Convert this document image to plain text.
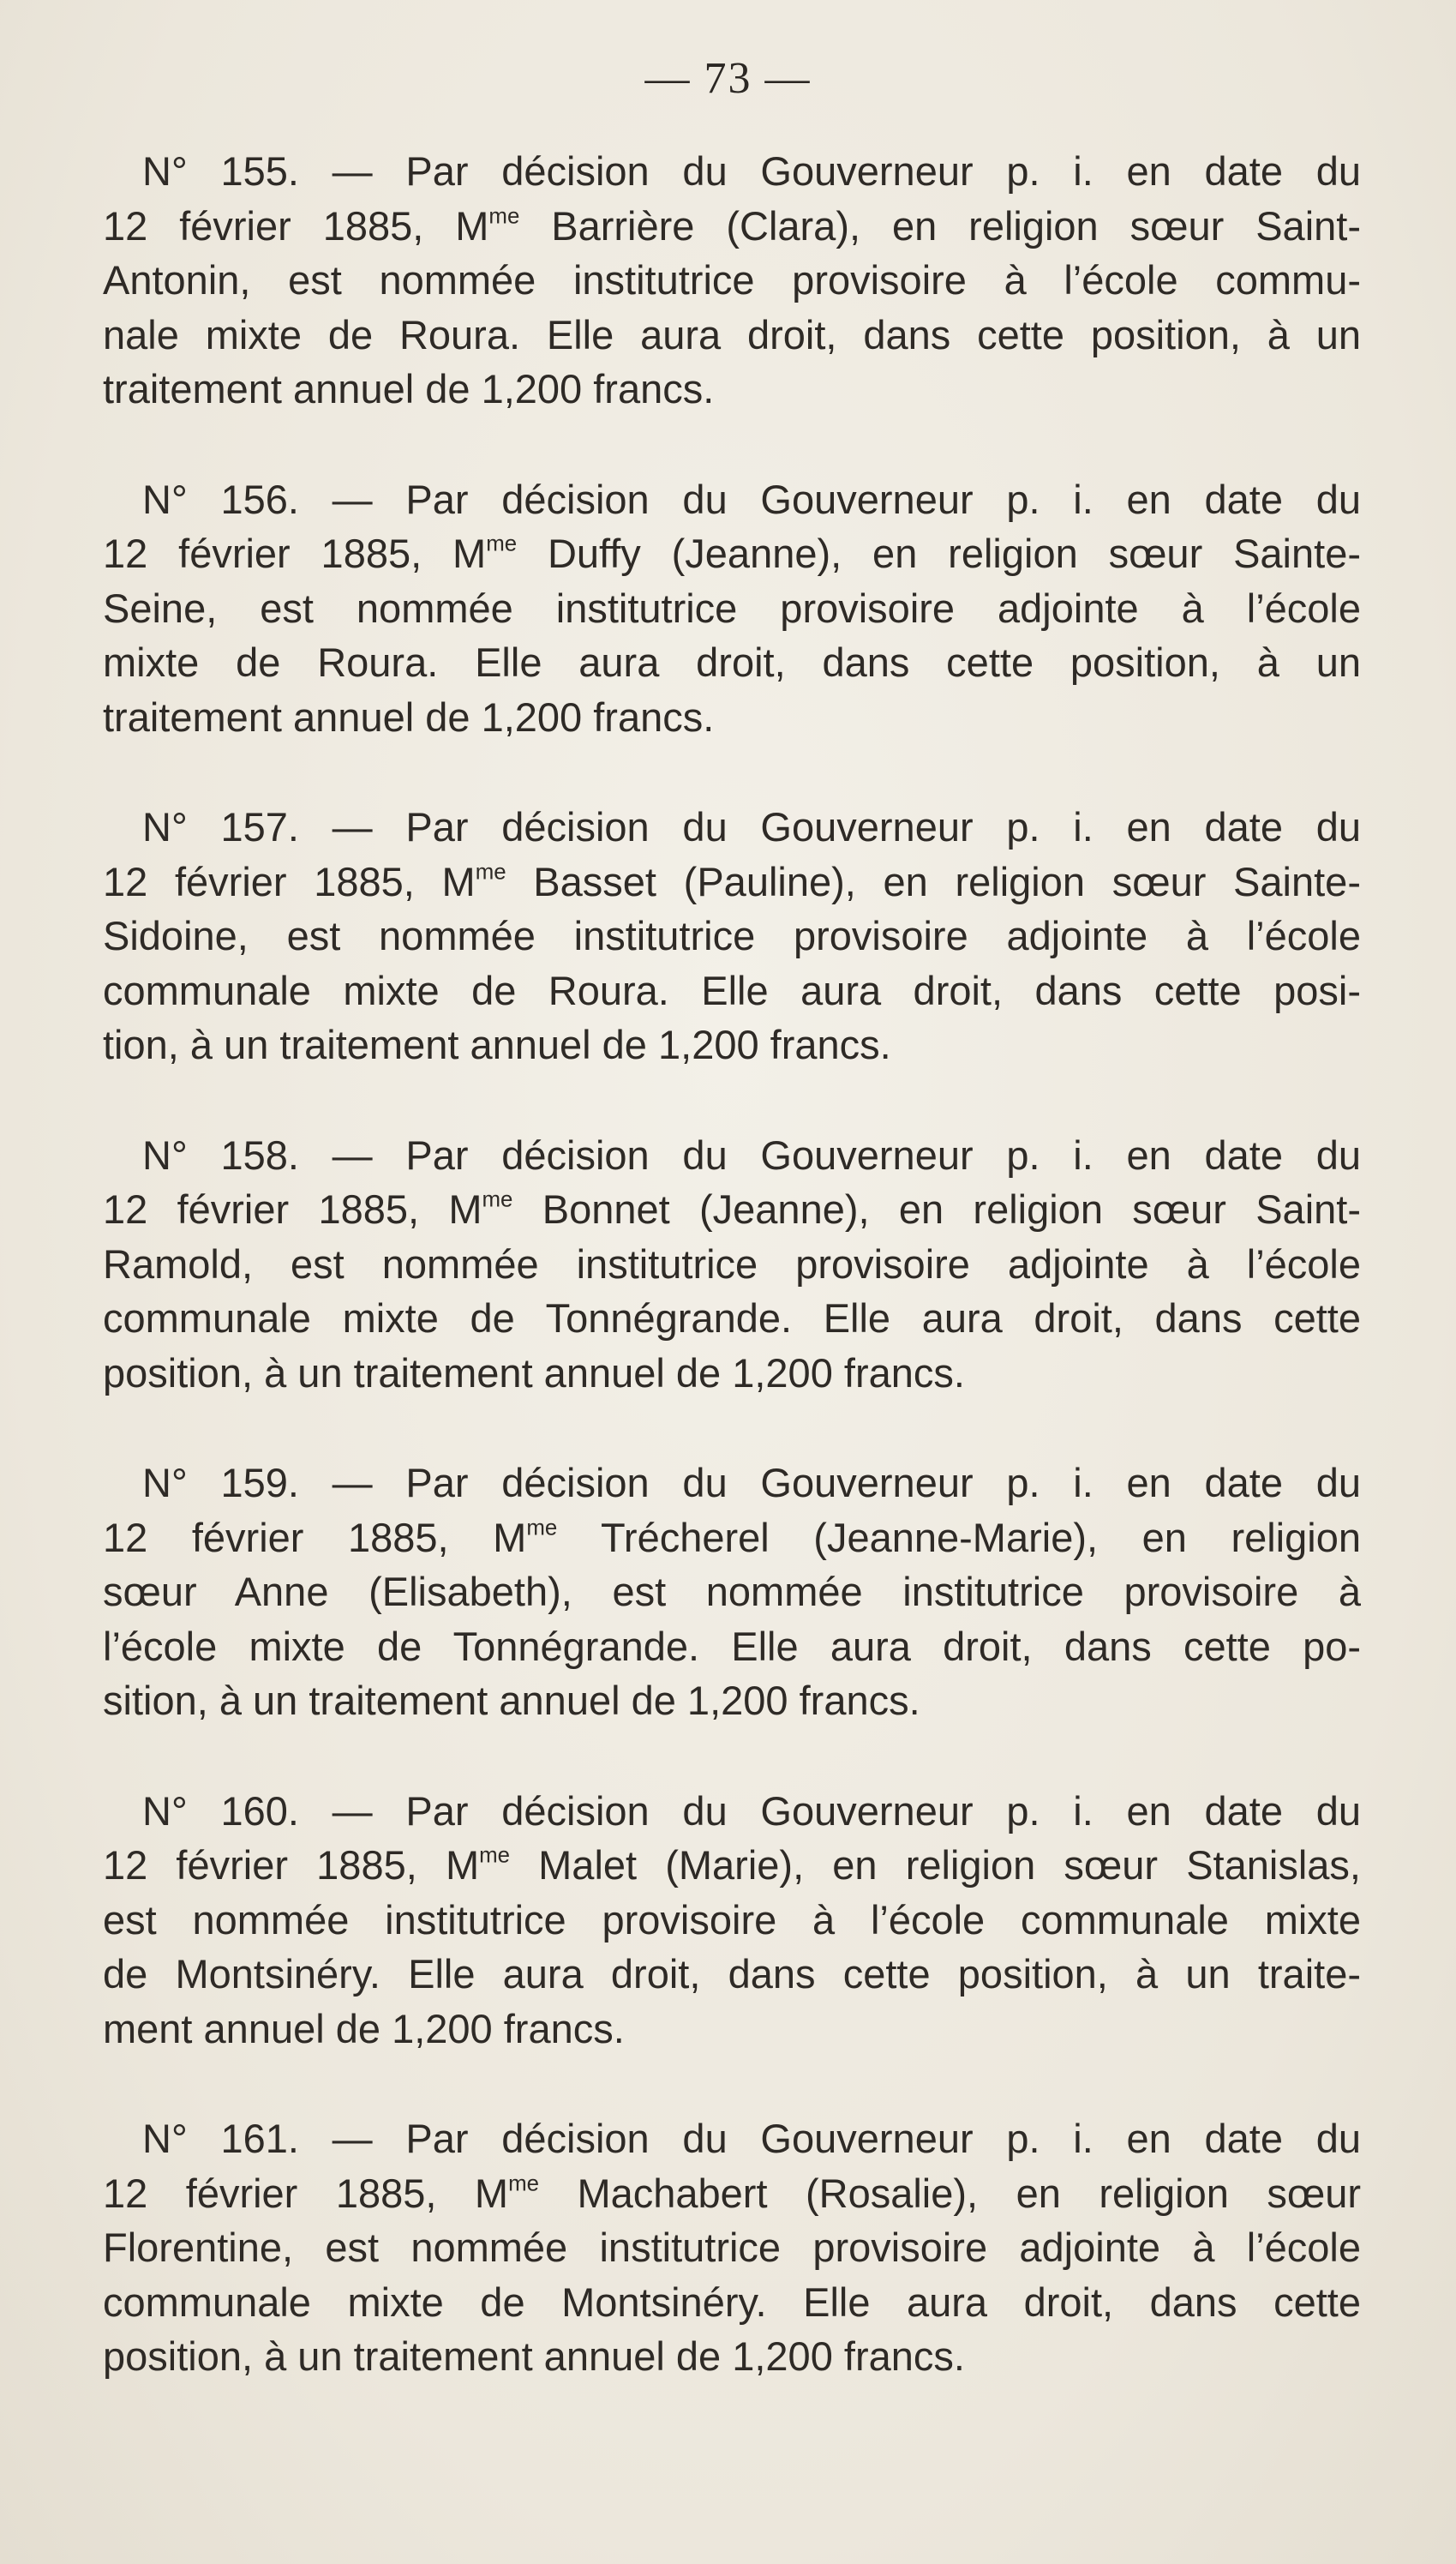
— 73 —

N° 155. — Par décision du Gouverneur p. i. en date du
12 février 1885, $M^{me}$ Barrière (Clara), en religion sœur Saint-
Antonin, est nommée institutrice provisoire à l’école commu-
nale mixte de Roura. Elle aura droit, dans cette position, à un
traitement annuel de 1,200 francs.

N° 156. — Par décision du Gouverneur p. i. en date du
12 février 1885, $M^{me}$ Duffy (Jeanne), en religion sœur Sainte-
Seine, est nommée institutrice provisoire adjointe à l’école
mixte de Roura. Elle aura droit, dans cette position, à un
traitement annuel de 1,200 francs.

N° 157. — Par décision du Gouverneur p. i. en date du
12 février 1885, $M^{me}$ Basset (Pauline), en religion sœur Sainte-
Sidoine, est nommée institutrice provisoire adjointe à l’école
communale mixte de Roura. Elle aura droit, dans cette posi-
tion, à un traitement annuel de 1,200 francs.

N° 158. — Par décision du Gouverneur p. i. en date du
12 février 1885, $M^{me}$ Bonnet (Jeanne), en religion sœur Saint-
Ramold, est nommée institutrice provisoire adjointe à l’école
communale mixte de Tonnégrande. Elle aura droit, dans cette
position, à un traitement annuel de 1,200 francs.

N° 159. — Par décision du Gouverneur p. i. en date du
12 février 1885, $M^{me}$ Trécherel (Jeanne-Marie), en religion
sœur Anne (Elisabeth), est nommée institutrice provisoire à
l’école mixte de Tonnégrande. Elle aura droit, dans cette po-
sition, à un traitement annuel de 1,200 francs.

N° 160. — Par décision du Gouverneur p. i. en date du
12 février 1885, $M^{me}$ Malet (Marie), en religion sœur Stanislas,
est nommée institutrice provisoire à l’école communale mixte
de Montsinéry. Elle aura droit, dans cette position, à un traite-
ment annuel de 1,200 francs.

N° 161. — Par décision du Gouverneur p. i. en date du
12 février 1885, $M^{me}$ Machabert (Rosalie), en religion sœur
Florentine, est nommée institutrice provisoire adjointe à l’école
communale mixte de Montsinéry. Elle aura droit, dans cette
position, à un traitement annuel de 1,200 francs.
